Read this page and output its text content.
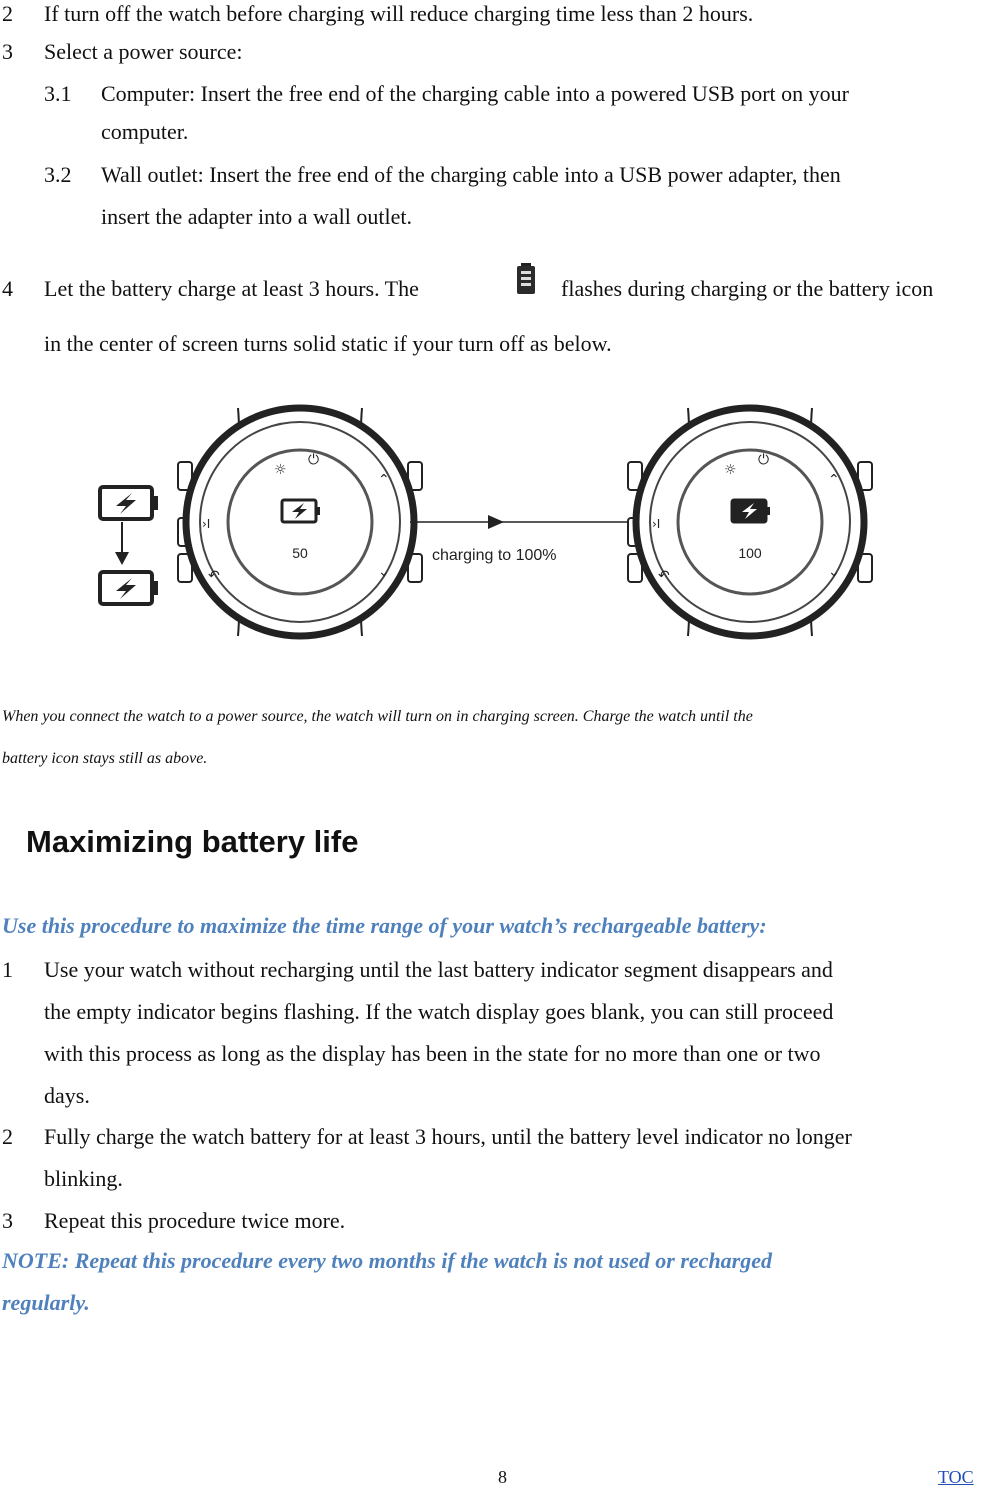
2 If turn off the watch before charging will reduce charging time less than 2 hours.
3 Select a power source:
3.1 Computer: Insert the free end of the charging cable into a powered USB port on your
computer.
3.2 Wall outlet: Insert the free end of the charging cable into a USB power adapter, then
insert the adapter into a wall outlet.
4 Let the battery charge at least 3 hours. The	flashes during charging or the battery icon
in the center of screen turns solid static if your turn off as below.
☼
⏻
⌃
⌄
›I
↶
50
GlobalSat
charging to 100%
☼
⏻
⌃
⌄
›I
↶
100
GlobalSat
When you connect the watch to a power source, the watch will turn on in charging screen. Charge the watch until the
battery icon stays still as above.
Maximizing battery life
Use this procedure to maximize the time range of your watch’s rechargeable battery:
1 Use your watch without recharging until the last battery indicator segment disappears and
the empty indicator begins flashing. If the watch display goes blank, you can still proceed
with this process as long as the display has been in the state for no more than one or two
days.
2 Fully charge the watch battery for at least 3 hours, until the battery level indicator no longer
blinking.
3 Repeat this procedure twice more.
NOTE: Repeat this procedure every two months if the watch is not used or recharged
regularly.
8	TOC
